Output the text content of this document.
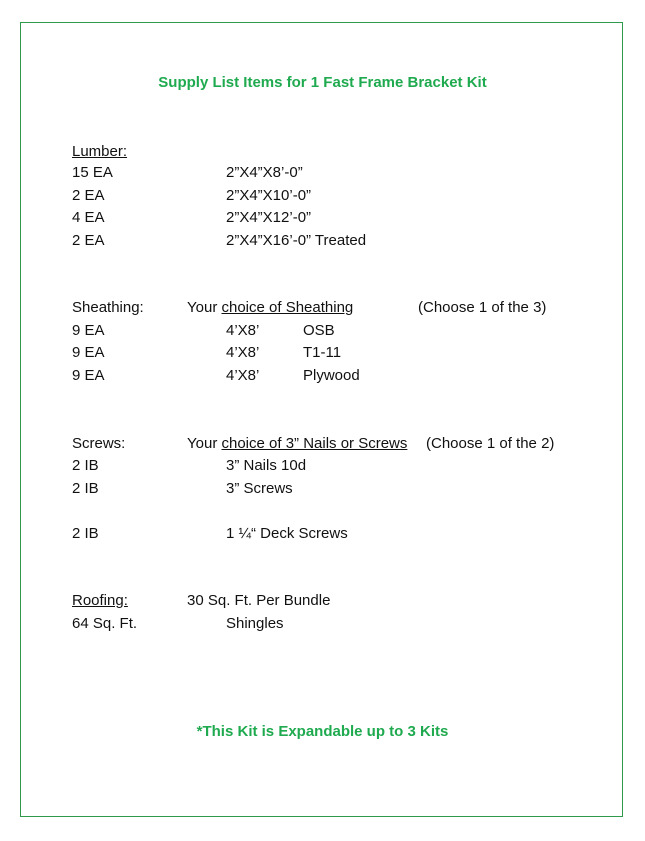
Supply List Items for 1 Fast Frame Bracket Kit
Lumber:
15 EA	2”X4”X8’-0”
2 EA	2”X4”X10’-0”
4 EA	2”X4”X12’-0”
2 EA	2”X4”X16’-0” Treated
Sheathing:	Your choice of Sheathing	(Choose 1 of the 3)
9 EA	4’X8’	OSB
9 EA	4’X8’	T1-11
9 EA	4’X8’	Plywood
Screws:	Your choice of 3” Nails or Screws (Choose 1 of the 2)
2 IB	3” Nails 10d
2 IB	3” Screws
2 IB	1 ¼“ Deck Screws
Roofing:	30 Sq. Ft. Per Bundle
64 Sq. Ft.	Shingles
*This Kit is Expandable up to 3 Kits
